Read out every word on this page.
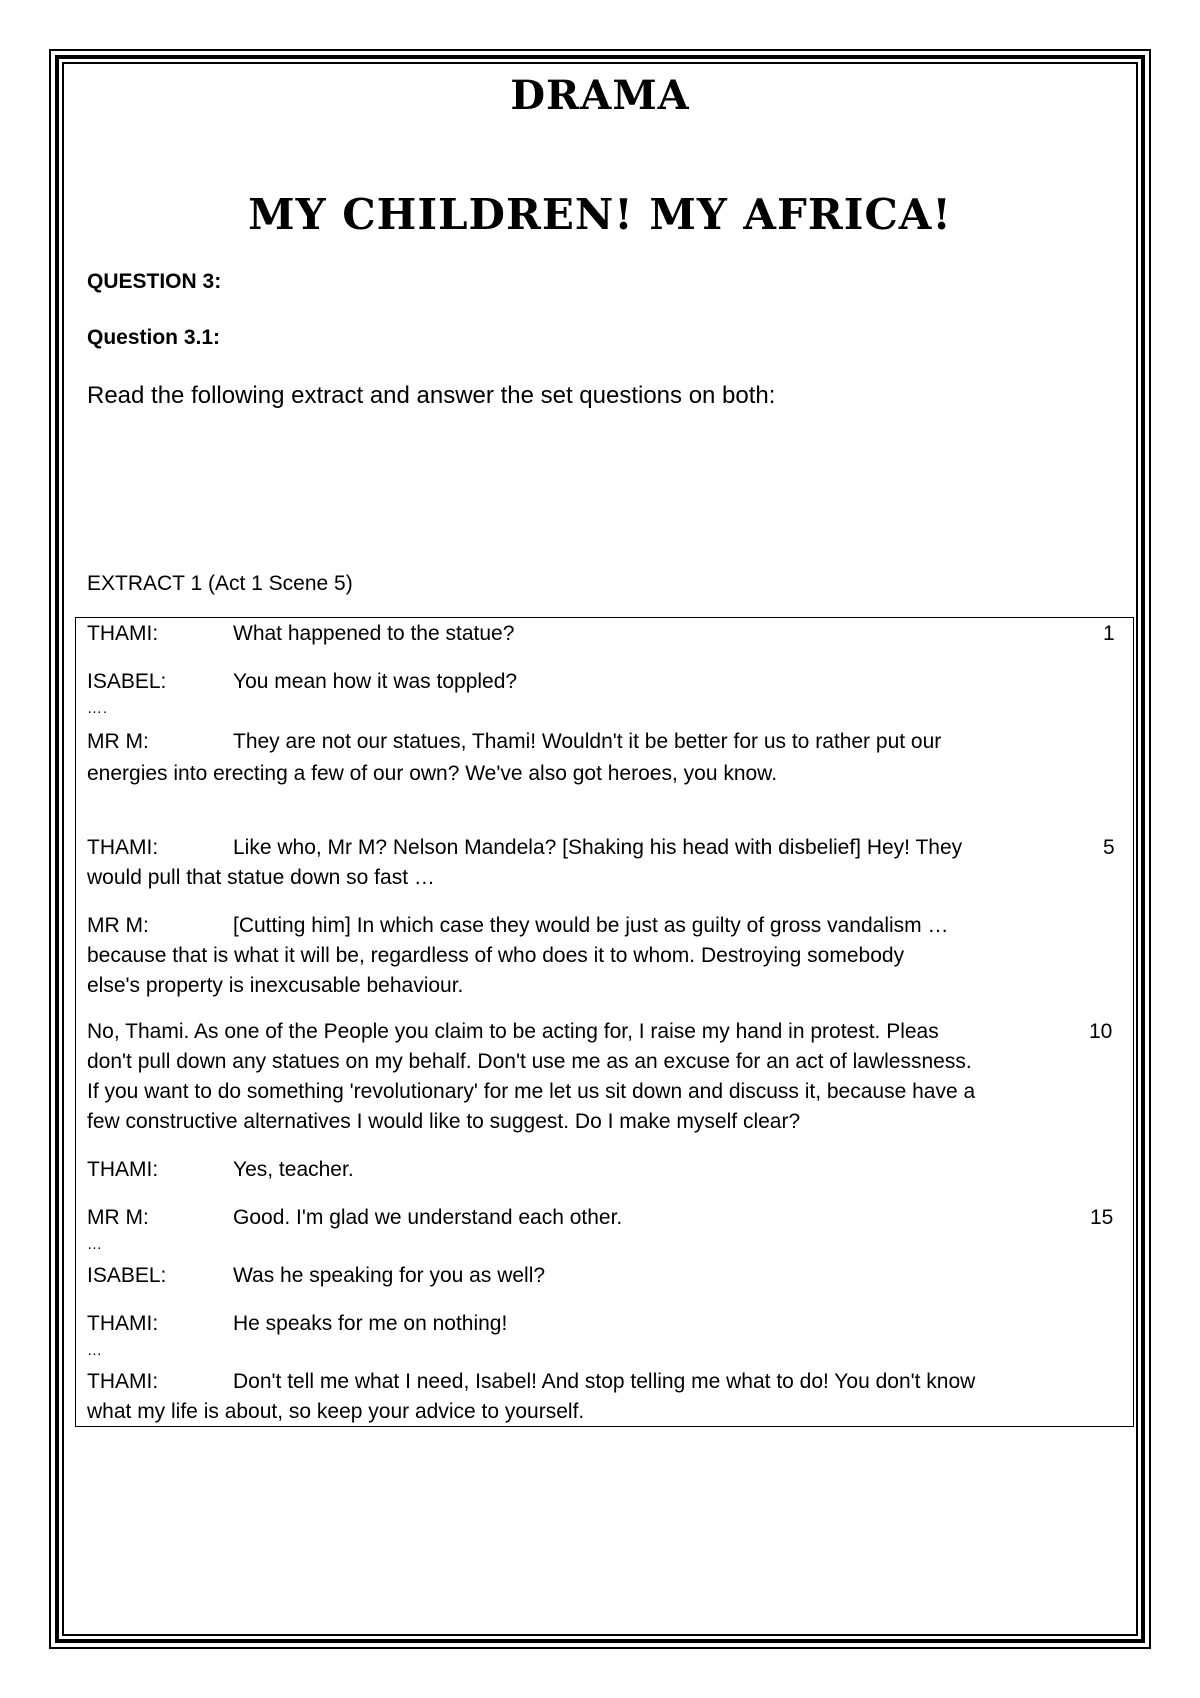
DRAMA
MY CHILDREN! MY AFRICA!
QUESTION 3:
Question 3.1:
Read the following extract and answer the set questions on both:
EXTRACT 1 (Act 1 Scene 5)
THAMI:	What happened to the statue?	1
ISABEL:	You mean how it was toppled?
….
MR M:	They are not our statues, Thami! Wouldn't it be better for us to rather put our
energies into erecting a few of our own? We've also got heroes, you know.
THAMI:	Like who, Mr M? Nelson Mandela? [Shaking his head with disbelief] Hey! They	5
would pull that statue down so fast …
MR M:	[Cutting him] In which case they would be just as guilty of gross vandalism …
because that is what it will be, regardless of who does it to whom. Destroying somebody
else's property is inexcusable behaviour.
No, Thami. As one of the People you claim to be acting for, I raise my hand in protest. Pleas	10
don't pull down any statues on my behalf. Don't use me as an excuse for an act of lawlessness.
If you want to do something 'revolutionary' for me let us sit down and discuss it, because have a
few constructive alternatives I would like to suggest. Do I make myself clear?
THAMI:	Yes, teacher.
MR M:	Good. I'm glad we understand each other.	15
…
ISABEL:	Was he speaking for you as well?
THAMI:	He speaks for me on nothing!
…
THAMI:	Don't tell me what I need, Isabel! And stop telling me what to do! You don't know
what my life is about, so keep your advice to yourself.
